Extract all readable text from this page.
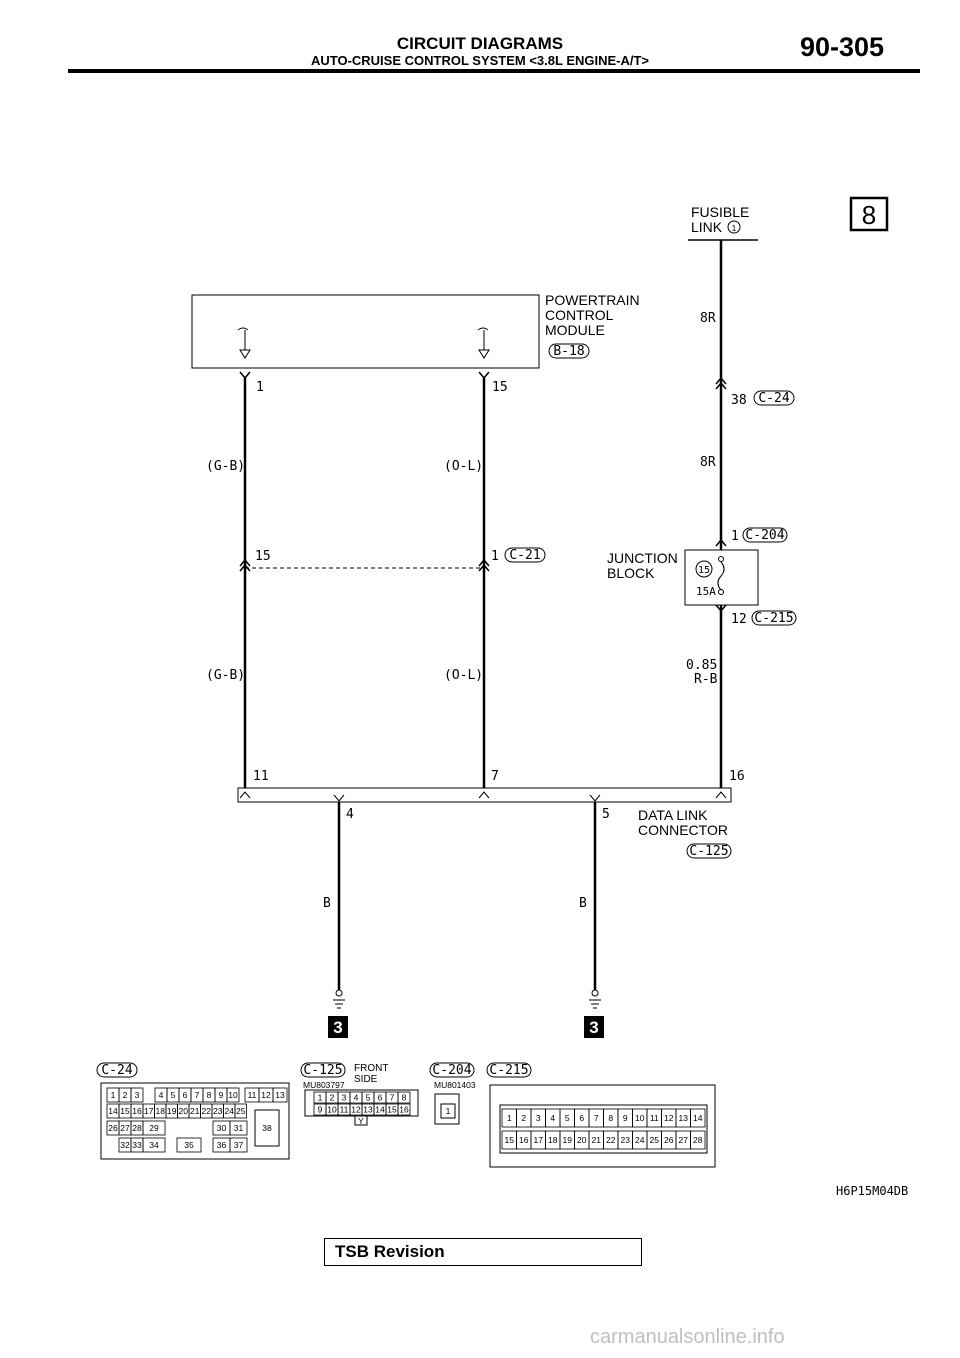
CIRCUIT DIAGRAMS
AUTO-CRUISE CONTROL SYSTEM <3.8L ENGINE-A/T>	90-305
8
FUSIBLE
LINK 1
POWERTRAIN
CONTROL
MODULE
B-18
1
(G-B)
15
(G-B)
15
(O-L)
1 C-21
(O-L)
8R
38 C-24
8R
1 C-204
15
15A
JUNCTION
BLOCK
12 C-215
0.85
R-B
11	7	16
4	5 DATA LINK
CONNECTOR
C-125
B	B
3	3
C-24
1 2 3 4 5 6 7 8 9 10 11 12 13
14 15 16 17 18 19 20 21 22 23 24 25
26 27 28 29	30 31
32 33 34	35	36 37
38
C-125
MU803797
FRONT
SIDE
1 2 3 4 5 6 7 8
9 10 11 12 13 14 15 16
Y
C-204
MU801403
1
C-215
1 2 3 4 5 6 7 8 9 10 11 12 13 14
15 16 17 18 19 20 21 22 23 24 25 26 27 28
H6P15M04DB
TSB Revision
carmanualsonline.info
